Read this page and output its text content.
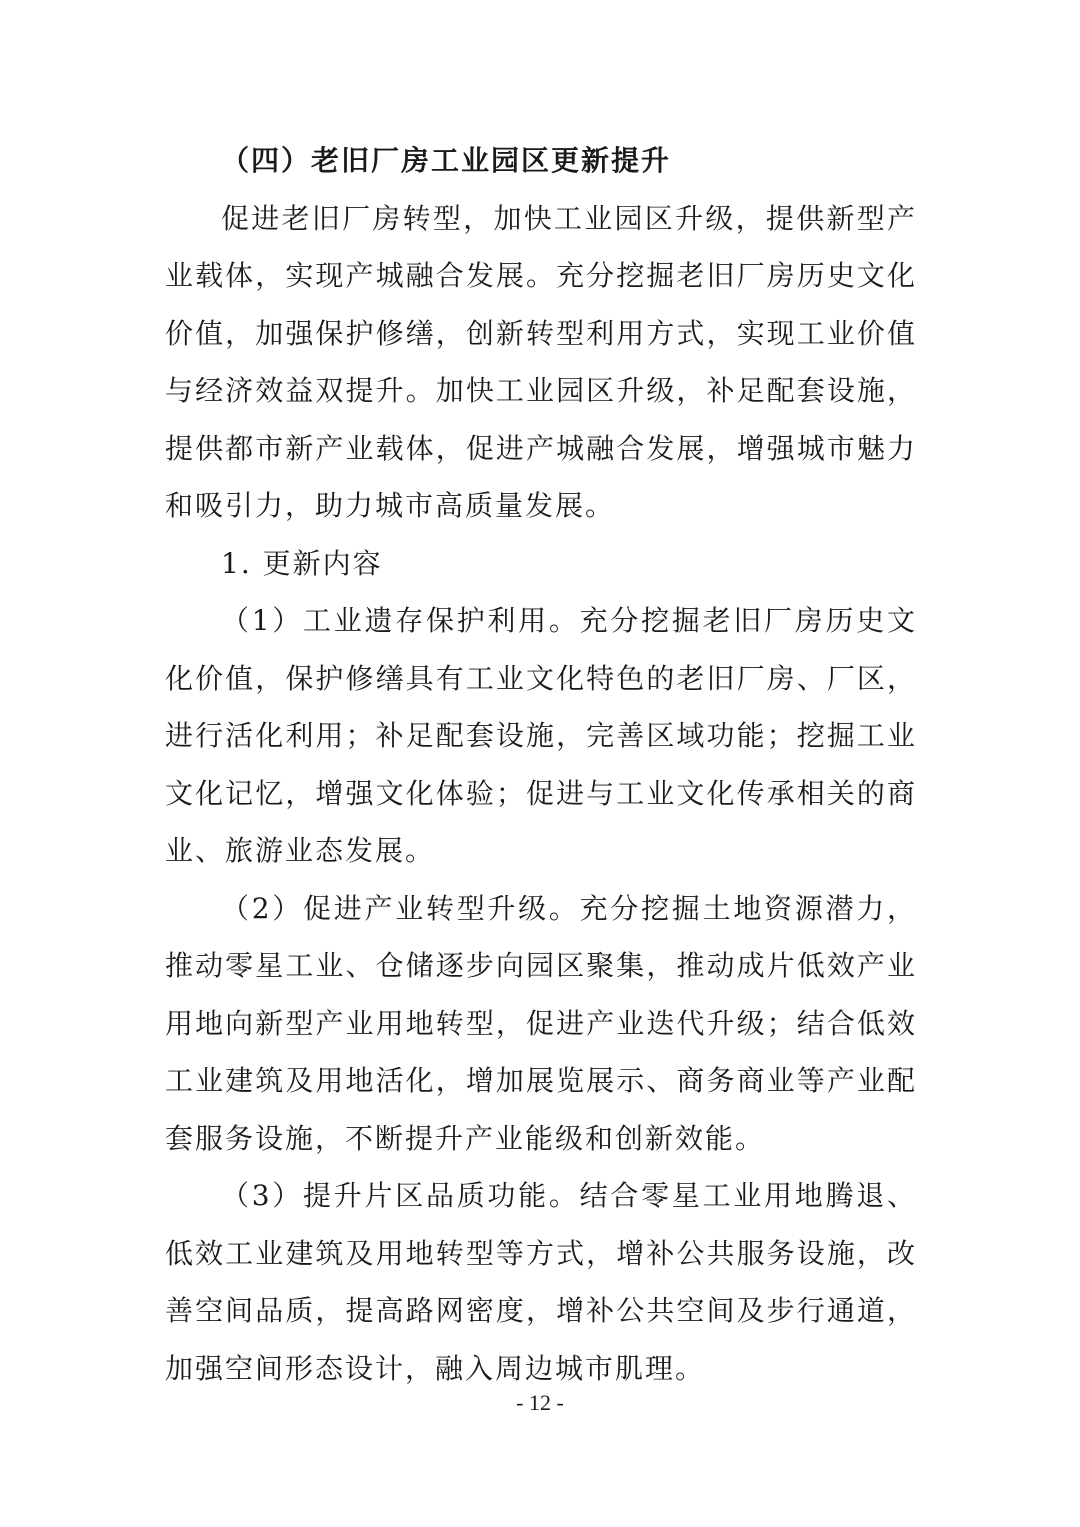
（四）老旧厂房工业园区更新提升

促进老旧厂房转型，加快工业园区升级，提供新型产业载体，实现产城融合发展。充分挖掘老旧厂房历史文化价值，加强保护修缮，创新转型利用方式，实现工业价值与经济效益双提升。加快工业园区升级，补足配套设施，提供都市新产业载体，促进产城融合发展，增强城市魅力和吸引力，助力城市高质量发展。

1. 更新内容

（1）工业遗存保护利用。充分挖掘老旧厂房历史文化价值，保护修缮具有工业文化特色的老旧厂房、厂区，进行活化利用；补足配套设施，完善区域功能；挖掘工业文化记忆，增强文化体验；促进与工业文化传承相关的商业、旅游业态发展。

（2）促进产业转型升级。充分挖掘土地资源潜力，推动零星工业、仓储逐步向园区聚集，推动成片低效产业用地向新型产业用地转型，促进产业迭代升级；结合低效工业建筑及用地活化，增加展览展示、商务商业等产业配套服务设施，不断提升产业能级和创新效能。

（3）提升片区品质功能。结合零星工业用地腾退、低效工业建筑及用地转型等方式，增补公共服务设施，改善空间品质，提高路网密度，增补公共空间及步行通道，加强空间形态设计，融入周边城市肌理。

- 12 -
